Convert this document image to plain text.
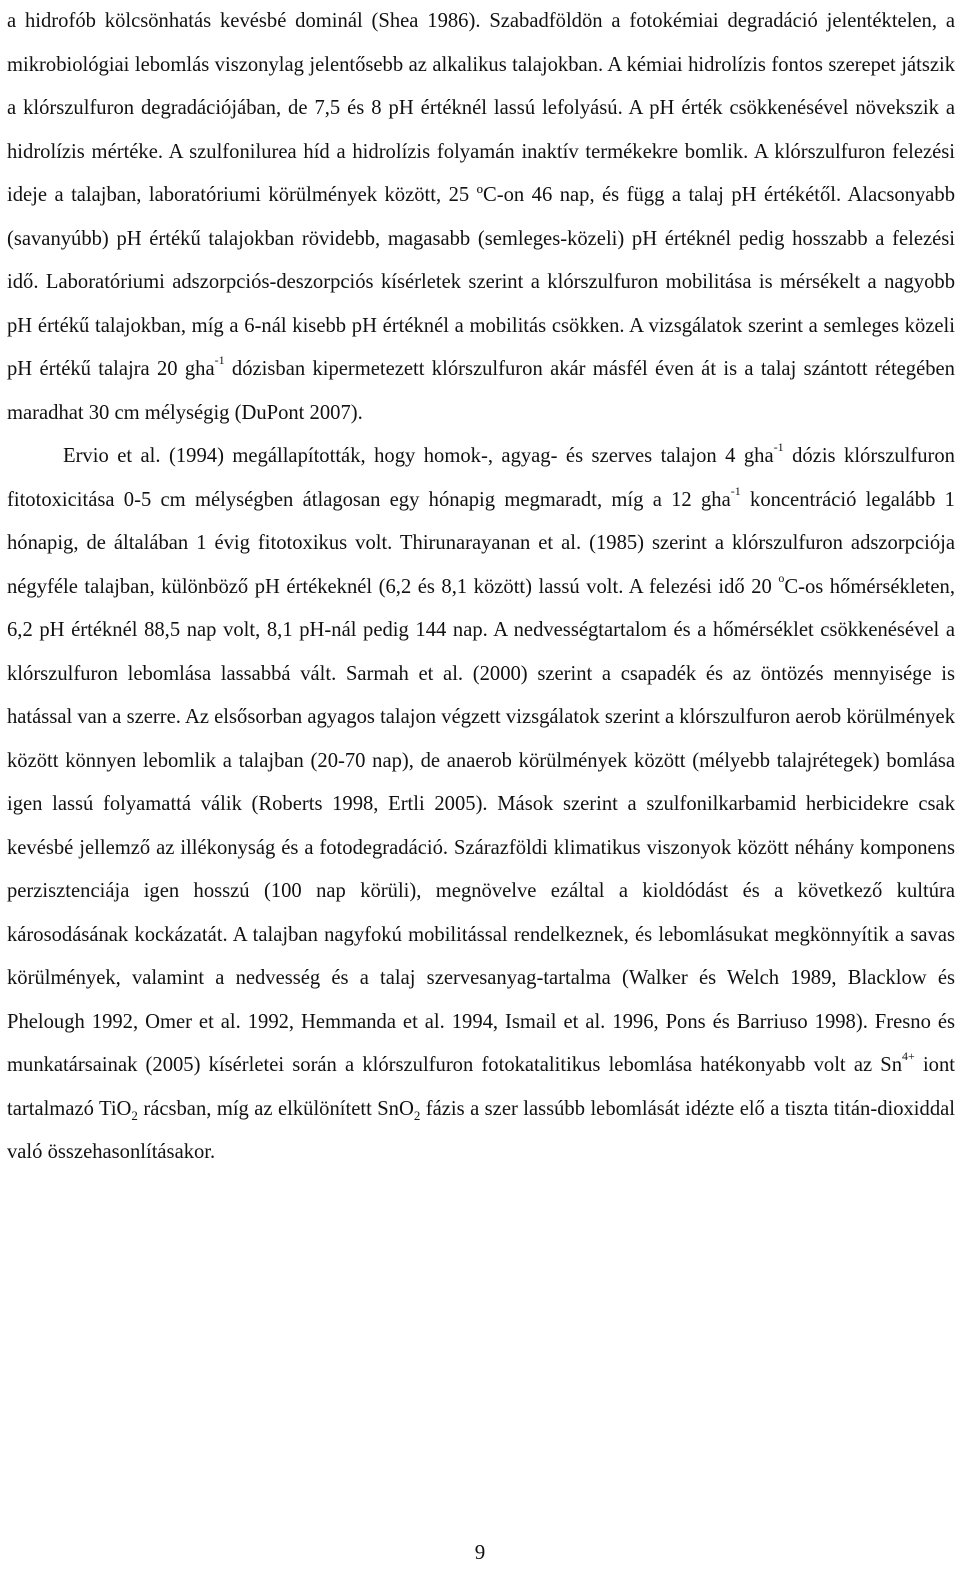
a hidrofób kölcsönhatás kevésbé dominál (Shea 1986). Szabadföldön a fotokémiai degradáció jelentéktelen, a mikrobiológiai lebomlás viszonylag jelentősebb az alkalikus talajokban. A kémiai hidrolízis fontos szerepet játszik a klórszulfuron degradációjában, de 7,5 és 8 pH értéknél lassú lefolyású. A pH érték csökkenésével növekszik a hidrolízis mértéke. A szulfonilurea híd a hidrolízis folyamán inaktív termékekre bomlik. A klórszulfuron felezési ideje a talajban, laboratóriumi körülmények között, 25 ºC-on 46 nap, és függ a talaj pH értékétől. Alacsonyabb (savanyúbb) pH értékű talajokban rövidebb, magasabb (semleges-közeli) pH értéknél pedig hosszabb a felezési idő. Laboratóriumi adszorpciós-deszorpciós kísérletek szerint a klórszulfuron mobilitása is mérsékelt a nagyobb pH értékű talajokban, míg a 6-nál kisebb pH értéknél a mobilitás csökken. A vizsgálatok szerint a semleges közeli pH értékű talajra 20 gha$^{-1}$ dózisban kipermetezett klórszulfuron akár másfél éven át is a talaj szántott rétegében maradhat 30 cm mélységig (DuPont 2007).

Ervio et al. (1994) megállapították, hogy homok-, agyag- és szerves talajon 4 gha$^{-1}$ dózis klórszulfuron fitotoxicitása 0-5 cm mélységben átlagosan egy hónapig megmaradt, míg a 12 gha$^{-1}$ koncentráció legalább 1 hónapig, de általában 1 évig fitotoxikus volt. Thirunarayanan et al. (1985) szerint a klórszulfuron adszorpciója négyféle talajban, különböző pH értékeknél (6,2 és 8,1 között) lassú volt. A felezési idő 20 $^o$C-os hőmérsékleten, 6,2 pH értéknél 88,5 nap volt, 8,1 pH-nál pedig 144 nap. A nedvességtartalom és a hőmérséklet csökkenésével a klórszulfuron lebomlása lassabbá vált. Sarmah et al. (2000) szerint a csapadék és az öntözés mennyisége is hatással van a szerre. Az elsősorban agyagos talajon végzett vizsgálatok szerint a klórszulfuron aerob körülmények között könnyen lebomlik a talajban (20-70 nap), de anaerob körülmények között (mélyebb talajrétegek) bomlása igen lassú folyamattá válik (Roberts 1998, Ertli 2005). Mások szerint a szulfonilkarbamid herbicidekre csak kevésbé jellemző az illékonyság és a fotodegradáció. Szárazföldi klimatikus viszonyok között néhány komponens perzisztenciája igen hosszú (100 nap körüli), megnövelve ezáltal a kioldódást és a következő kultúra károsodásának kockázatát. A talajban nagyfokú mobilitással rendelkeznek, és lebomlásukat megkönnyítik a savas körülmények, valamint a nedvesség és a talaj szervesanyag-tartalma (Walker és Welch 1989, Blacklow és Phelough 1992, Omer et al. 1992, Hemmanda et al. 1994, Ismail et al. 1996, Pons és Barriuso 1998). Fresno és munkatársainak (2005) kísérletei során a klórszulfuron fotokatalitikus lebomlása hatékonyabb volt az $Sn^{4+}$ iont tartalmazó TiO$_2$ rácsban, míg az elkülönített SnO$_2$ fázis a szer lassúbb lebomlását idézte elő a tiszta titán-dioxiddal való összehasonlításakor.

9
